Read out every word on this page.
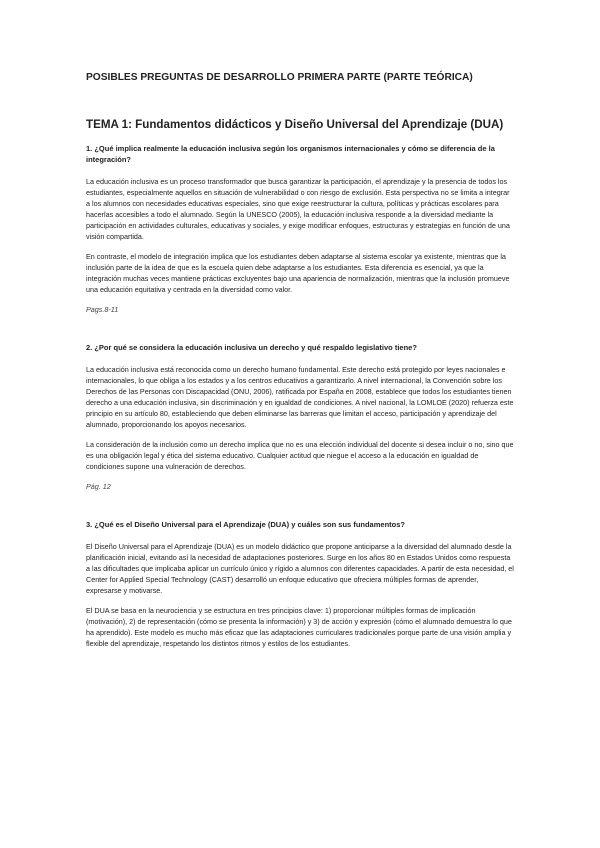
POSIBLES PREGUNTAS DE DESARROLLO PRIMERA PARTE (PARTE TEÓRICA)
TEMA 1: Fundamentos didácticos y Diseño Universal del Aprendizaje (DUA)
1. ¿Qué implica realmente la educación inclusiva según los organismos internacionales y cómo se diferencia de la integración?
La educación inclusiva es un proceso transformador que busca garantizar la participación, el aprendizaje y la presencia de todos los estudiantes, especialmente aquellos en situación de vulnerabilidad o con riesgo de exclusión. Esta perspectiva no se limita a integrar a los alumnos con necesidades educativas especiales, sino que exige reestructurar la cultura, políticas y prácticas escolares para hacerlas accesibles a todo el alumnado. Según la UNESCO (2005), la educación inclusiva responde a la diversidad mediante la participación en actividades culturales, educativas y sociales, y exige modificar enfoques, estructuras y estrategias en función de una visión compartida.
En contraste, el modelo de integración implica que los estudiantes deben adaptarse al sistema escolar ya existente, mientras que la inclusión parte de la idea de que es la escuela quien debe adaptarse a los estudiantes. Esta diferencia es esencial, ya que la integración muchas veces mantiene prácticas excluyentes bajo una apariencia de normalización, mientras que la inclusión promueve una educación equitativa y centrada en la diversidad como valor.
Pags.8-11
2. ¿Por qué se considera la educación inclusiva un derecho y qué respaldo legislativo tiene?
La educación inclusiva está reconocida como un derecho humano fundamental. Este derecho está protegido por leyes nacionales e internacionales, lo que obliga a los estados y a los centros educativos a garantizarlo. A nivel internacional, la Convención sobre los Derechos de las Personas con Discapacidad (ONU, 2006), ratificada por España en 2008, establece que todos los estudiantes tienen derecho a una educación inclusiva, sin discriminación y en igualdad de condiciones. A nivel nacional, la LOMLOE (2020) refuerza este principio en su artículo 80, estableciendo que deben eliminarse las barreras que limitan el acceso, participación y aprendizaje del alumnado, proporcionando los apoyos necesarios.
La consideración de la inclusión como un derecho implica que no es una elección individual del docente si desea incluir o no, sino que es una obligación legal y ética del sistema educativo. Cualquier actitud que niegue el acceso a la educación en igualdad de condiciones supone una vulneración de derechos.
Pág. 12
3. ¿Qué es el Diseño Universal para el Aprendizaje (DUA) y cuáles son sus fundamentos?
El Diseño Universal para el Aprendizaje (DUA) es un modelo didáctico que propone anticiparse a la diversidad del alumnado desde la planificación inicial, evitando así la necesidad de adaptaciones posteriores. Surge en los años 80 en Estados Unidos como respuesta a las dificultades que implicaba aplicar un currículo único y rígido a alumnos con diferentes capacidades. A partir de esta necesidad, el Center for Applied Special Technology (CAST) desarrolló un enfoque educativo que ofreciera múltiples formas de aprender, expresarse y motivarse.
El DUA se basa en la neurociencia y se estructura en tres principios clave: 1) proporcionar múltiples formas de implicación (motivación), 2) de representación (cómo se presenta la información) y 3) de acción y expresión (cómo el alumnado demuestra lo que ha aprendido). Este modelo es mucho más eficaz que las adaptaciones curriculares tradicionales porque parte de una visión amplia y flexible del aprendizaje, respetando los distintos ritmos y estilos de los estudiantes.
